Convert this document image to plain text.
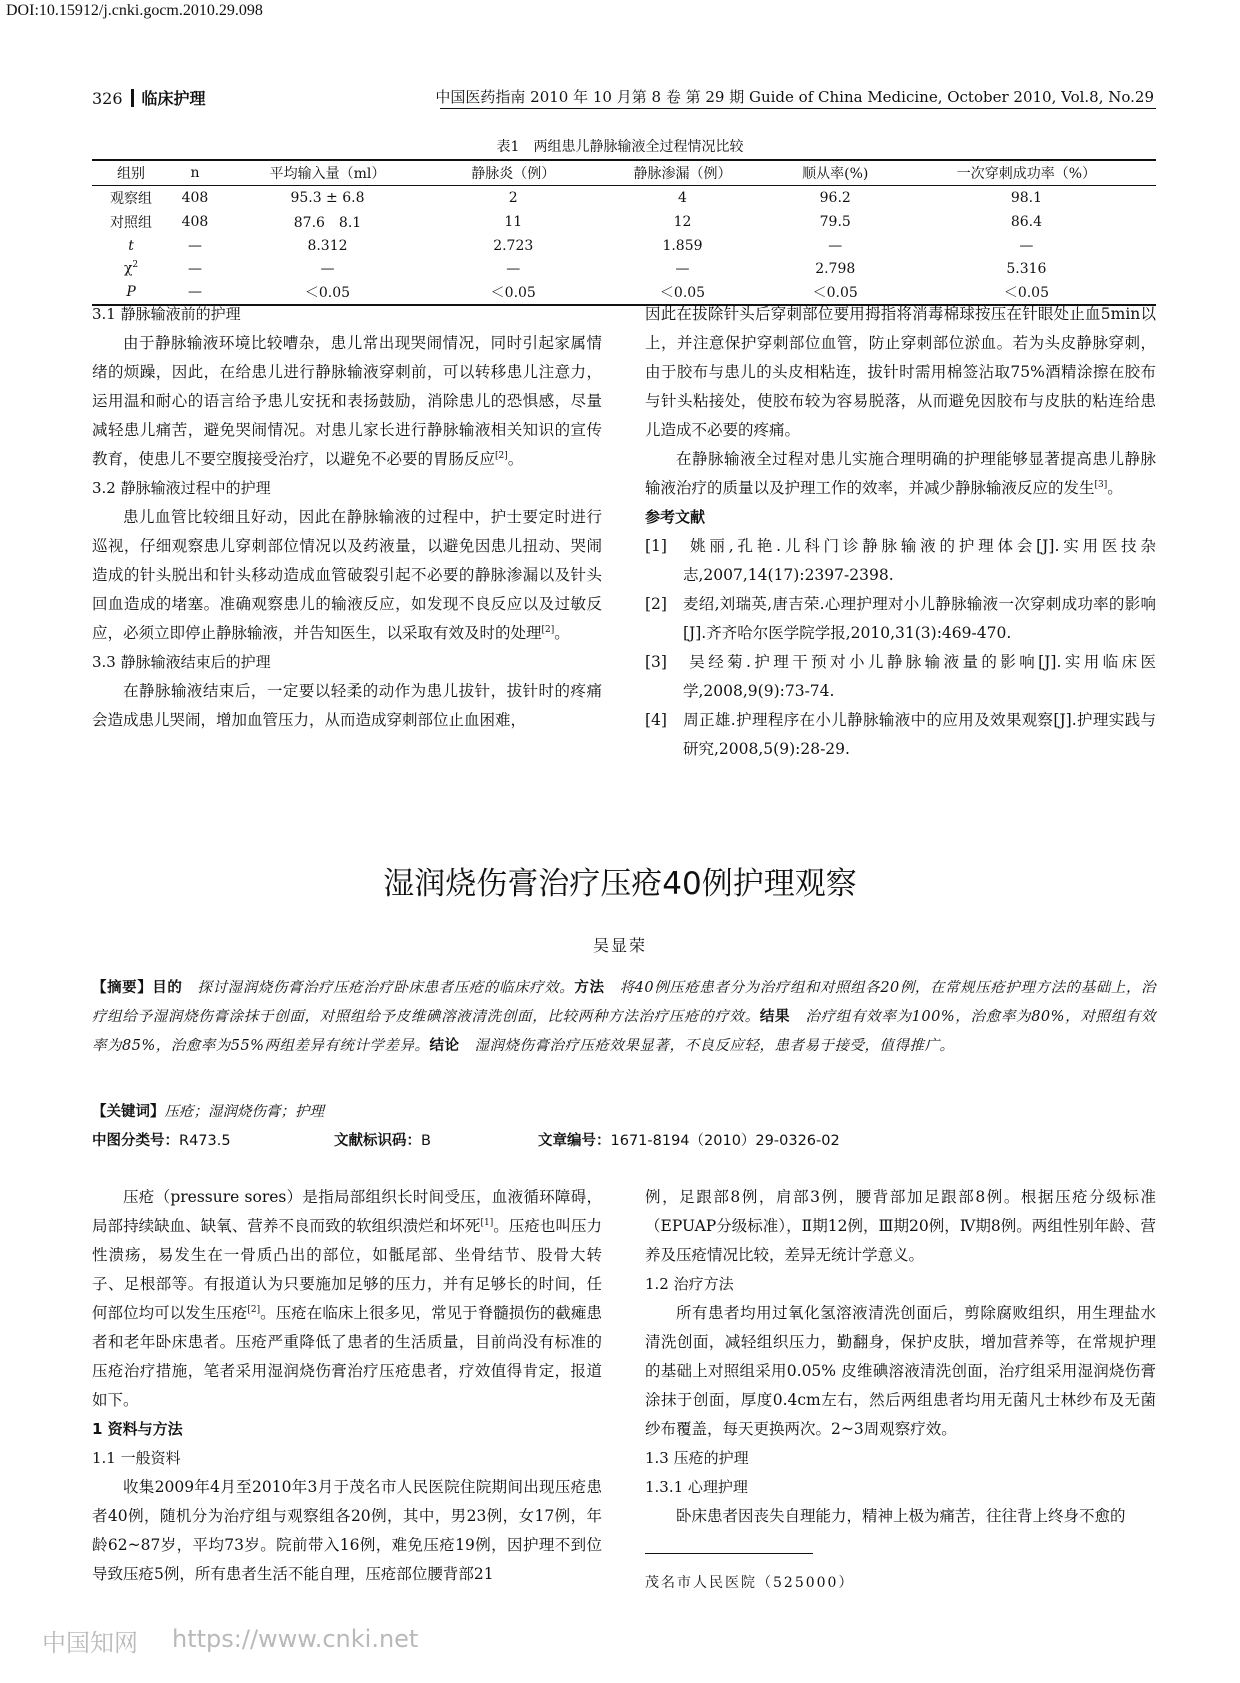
DOI:10.15912/j.cnki.gocm.2010.29.098
326 临床护理	中国医药指南 2010 年 10 月第 8 卷 第 29 期 Guide of China Medicine, October 2010, Vol.8, No.29
表1　两组患儿静脉输液全过程情况比较
组别	n	平均输入量（ml）	静脉炎（例）	静脉渗漏（例）	顺从率(%)	一次穿刺成功率（%）
观察组	408	95.3 ± 6.8	2	4	96.2	98.1
对照组	408	87.6　8.1	11	12	79.5	86.4
t	—	8.312	2.723	1.859	—	—
$\chi^2$	—	—	—	—	2.798	5.316
P	—	＜0.05	＜0.05	＜0.05	＜0.05	＜0.05

3.1 静脉输液前的护理

由于静脉输液环境比较嘈杂，患儿常出现哭闹情况，同时引起家属情绪的烦躁，因此，在给患儿进行静脉输液穿刺前，可以转移患儿注意力，运用温和耐心的语言给予患儿安抚和表扬鼓励，消除患儿的恐惧感，尽量减轻患儿痛苦，避免哭闹情况。对患儿家长进行静脉输液相关知识的宣传教育，使患儿不要空腹接受治疗，以避免不必要的胃肠反应[2]。

3.2 静脉输液过程中的护理

患儿血管比较细且好动，因此在静脉输液的过程中，护士要定时进行巡视，仔细观察患儿穿刺部位情况以及药液量，以避免因患儿扭动、哭闹造成的针头脱出和针头移动造成血管破裂引起不必要的静脉渗漏以及针头回血造成的堵塞。准确观察患儿的输液反应，如发现不良反应以及过敏反应，必须立即停止静脉输液，并告知医生，以采取有效及时的处理[2]。

3.3 静脉输液结束后的护理

在静脉输液结束后，一定要以轻柔的动作为患儿拔针，拔针时的疼痛会造成患儿哭闹，增加血管压力，从而造成穿刺部位止血困难，

因此在拔除针头后穿刺部位要用拇指将消毒棉球按压在针眼处止血5min以上，并注意保护穿刺部位血管，防止穿刺部位淤血。若为头皮静脉穿刺，由于胶布与患儿的头皮相粘连，拔针时需用棉签沾取75%酒精涂擦在胶布与针头粘接处，使胶布较为容易脱落，从而避免因胶布与皮肤的粘连给患儿造成不必要的疼痛。

在静脉输液全过程对患儿实施合理明确的护理能够显著提高患儿静脉输液治疗的质量以及护理工作的效率，并减少静脉输液反应的发生[3]。

参考文献

[1]　姚丽,孔艳.儿科门诊静脉输液的护理体会[J].实用医技杂志,2007,14(17):2397-2398.

[2]　麦绍,刘瑞英,唐吉荣.心理护理对小儿静脉输液一次穿刺成功率的影响[J].齐齐哈尔医学院学报,2010,31(3):469-470.

[3]　吴经菊.护理干预对小儿静脉输液量的影响[J].实用临床医学,2008,9(9):73-74.

[4]　周正雄.护理程序在小儿静脉输液中的应用及效果观察[J].护理实践与研究,2008,5(9):28-29.

湿润烧伤膏治疗压疮40例护理观察
吴显荣
【摘要】目的　 探讨湿润烧伤膏治疗压疮治疗卧床患者压疮的临床疗效。方法　 将40例压疮患者分为治疗组和对照组各20例，在常规压疮护理方法的基础上，治疗组给予湿润烧伤膏涂抹于创面，对照组给予皮维碘溶液清洗创面，比较两种方法治疗压疮的疗效。结果　 治疗组有效率为100%，治愈率为80%，对照组有效率为85%，治愈率为55%两组差异有统计学差异。结论　 湿润烧伤膏治疗压疮效果显著，不良反应轻，患者易于接受，值得推广。
【关键词】压疮；湿润烧伤膏；护理
中图分类号：R473.5	文献标识码：B	文章编号：1671-8194（2010）29-0326-02

压疮（pressure sores）是指局部组织长时间受压，血液循环障碍，局部持续缺血、缺氧、营养不良而致的软组织溃烂和坏死[1]。压疮也叫压力性溃疡，易发生在一骨质凸出的部位，如骶尾部、坐骨结节、股骨大转子、足根部等。有报道认为只要施加足够的压力，并有足够长的时间，任何部位均可以发生压疮[2]。压疮在临床上很多见，常见于脊髓损伤的截瘫患者和老年卧床患者。压疮严重降低了患者的生活质量，目前尚没有标准的压疮治疗措施，笔者采用湿润烧伤膏治疗压疮患者，疗效值得肯定，报道如下。

1 资料与方法

1.1 一般资料

收集2009年4月至2010年3月于茂名市人民医院住院期间出现压疮患者40例，随机分为治疗组与观察组各20例，其中，男23例，女17例，年龄62~87岁，平均73岁。院前带入16例，难免压疮19例，因护理不到位导致压疮5例，所有患者生活不能自理，压疮部位腰背部21

例，足跟部8例，肩部3例，腰背部加足跟部8例。根据压疮分级标准（EPUAP分级标准），Ⅱ期12例，Ⅲ期20例，Ⅳ期8例。两组性别年龄、营养及压疮情况比较，差异无统计学意义。

1.2 治疗方法

所有患者均用过氧化氢溶液清洗创面后，剪除腐败组织，用生理盐水清洗创面，减轻组织压力，勤翻身，保护皮肤，增加营养等，在常规护理的基础上对照组采用0.05% 皮维碘溶液清洗创面，治疗组采用湿润烧伤膏涂抹于创面，厚度0.4cm左右，然后两组患者均用无菌凡士林纱布及无菌纱布覆盖，每天更换两次。2~3周观察疗效。

1.3 压疮的护理

1.3.1 心理护理

卧床患者因丧失自理能力，精神上极为痛苦，往往背上终身不愈的

茂名市人民医院（525000）
中国知网 https://www.cnki.net
